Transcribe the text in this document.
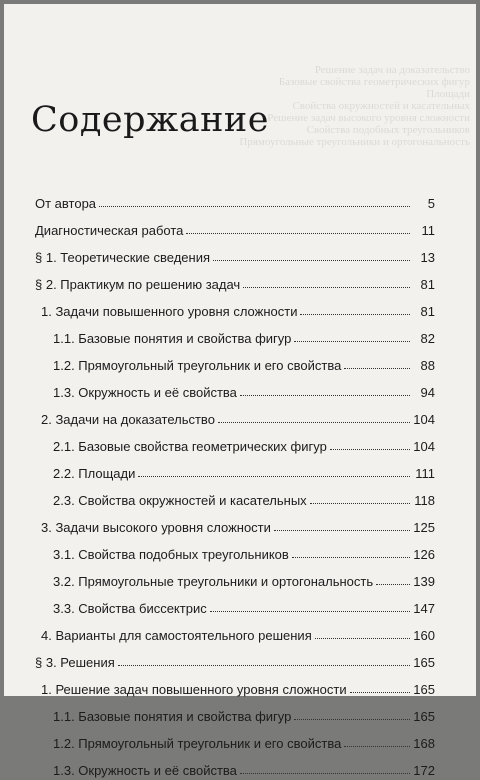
Решение задач на доказательство
Базовые свойства геометрических фигур
Площади
Свойства окружностей и касательных
Решение задач высокого уровня сложности
Свойства подобных треугольников
Прямоугольные треугольники и ортогональность
Содержание
От автора	5
Диагностическая работа	11
§ 1. Теоретические сведения	13
§ 2. Практикум по решению задач	81
1. Задачи повышенного уровня сложности	81
1.1. Базовые понятия и свойства фигур	82
1.2. Прямоугольный треугольник и его свойства	88
1.3. Окружность и её свойства	94
2. Задачи на доказательство	104
2.1. Базовые свойства геометрических фигур	104
2.2. Площади	111
2.3. Свойства окружностей и касательных	118
3. Задачи высокого уровня сложности	125
3.1. Свойства подобных треугольников	126
3.2. Прямоугольные треугольники и ортогональность	139
3.3. Свойства биссектрис	147
4. Варианты для самостоятельного решения	160
§ 3. Решения	165
1. Решение задач повышенного уровня сложности	165
1.1. Базовые понятия и свойства фигур	165
1.2. Прямоугольный треугольник и его свойства	168
1.3. Окружность и её свойства	172
